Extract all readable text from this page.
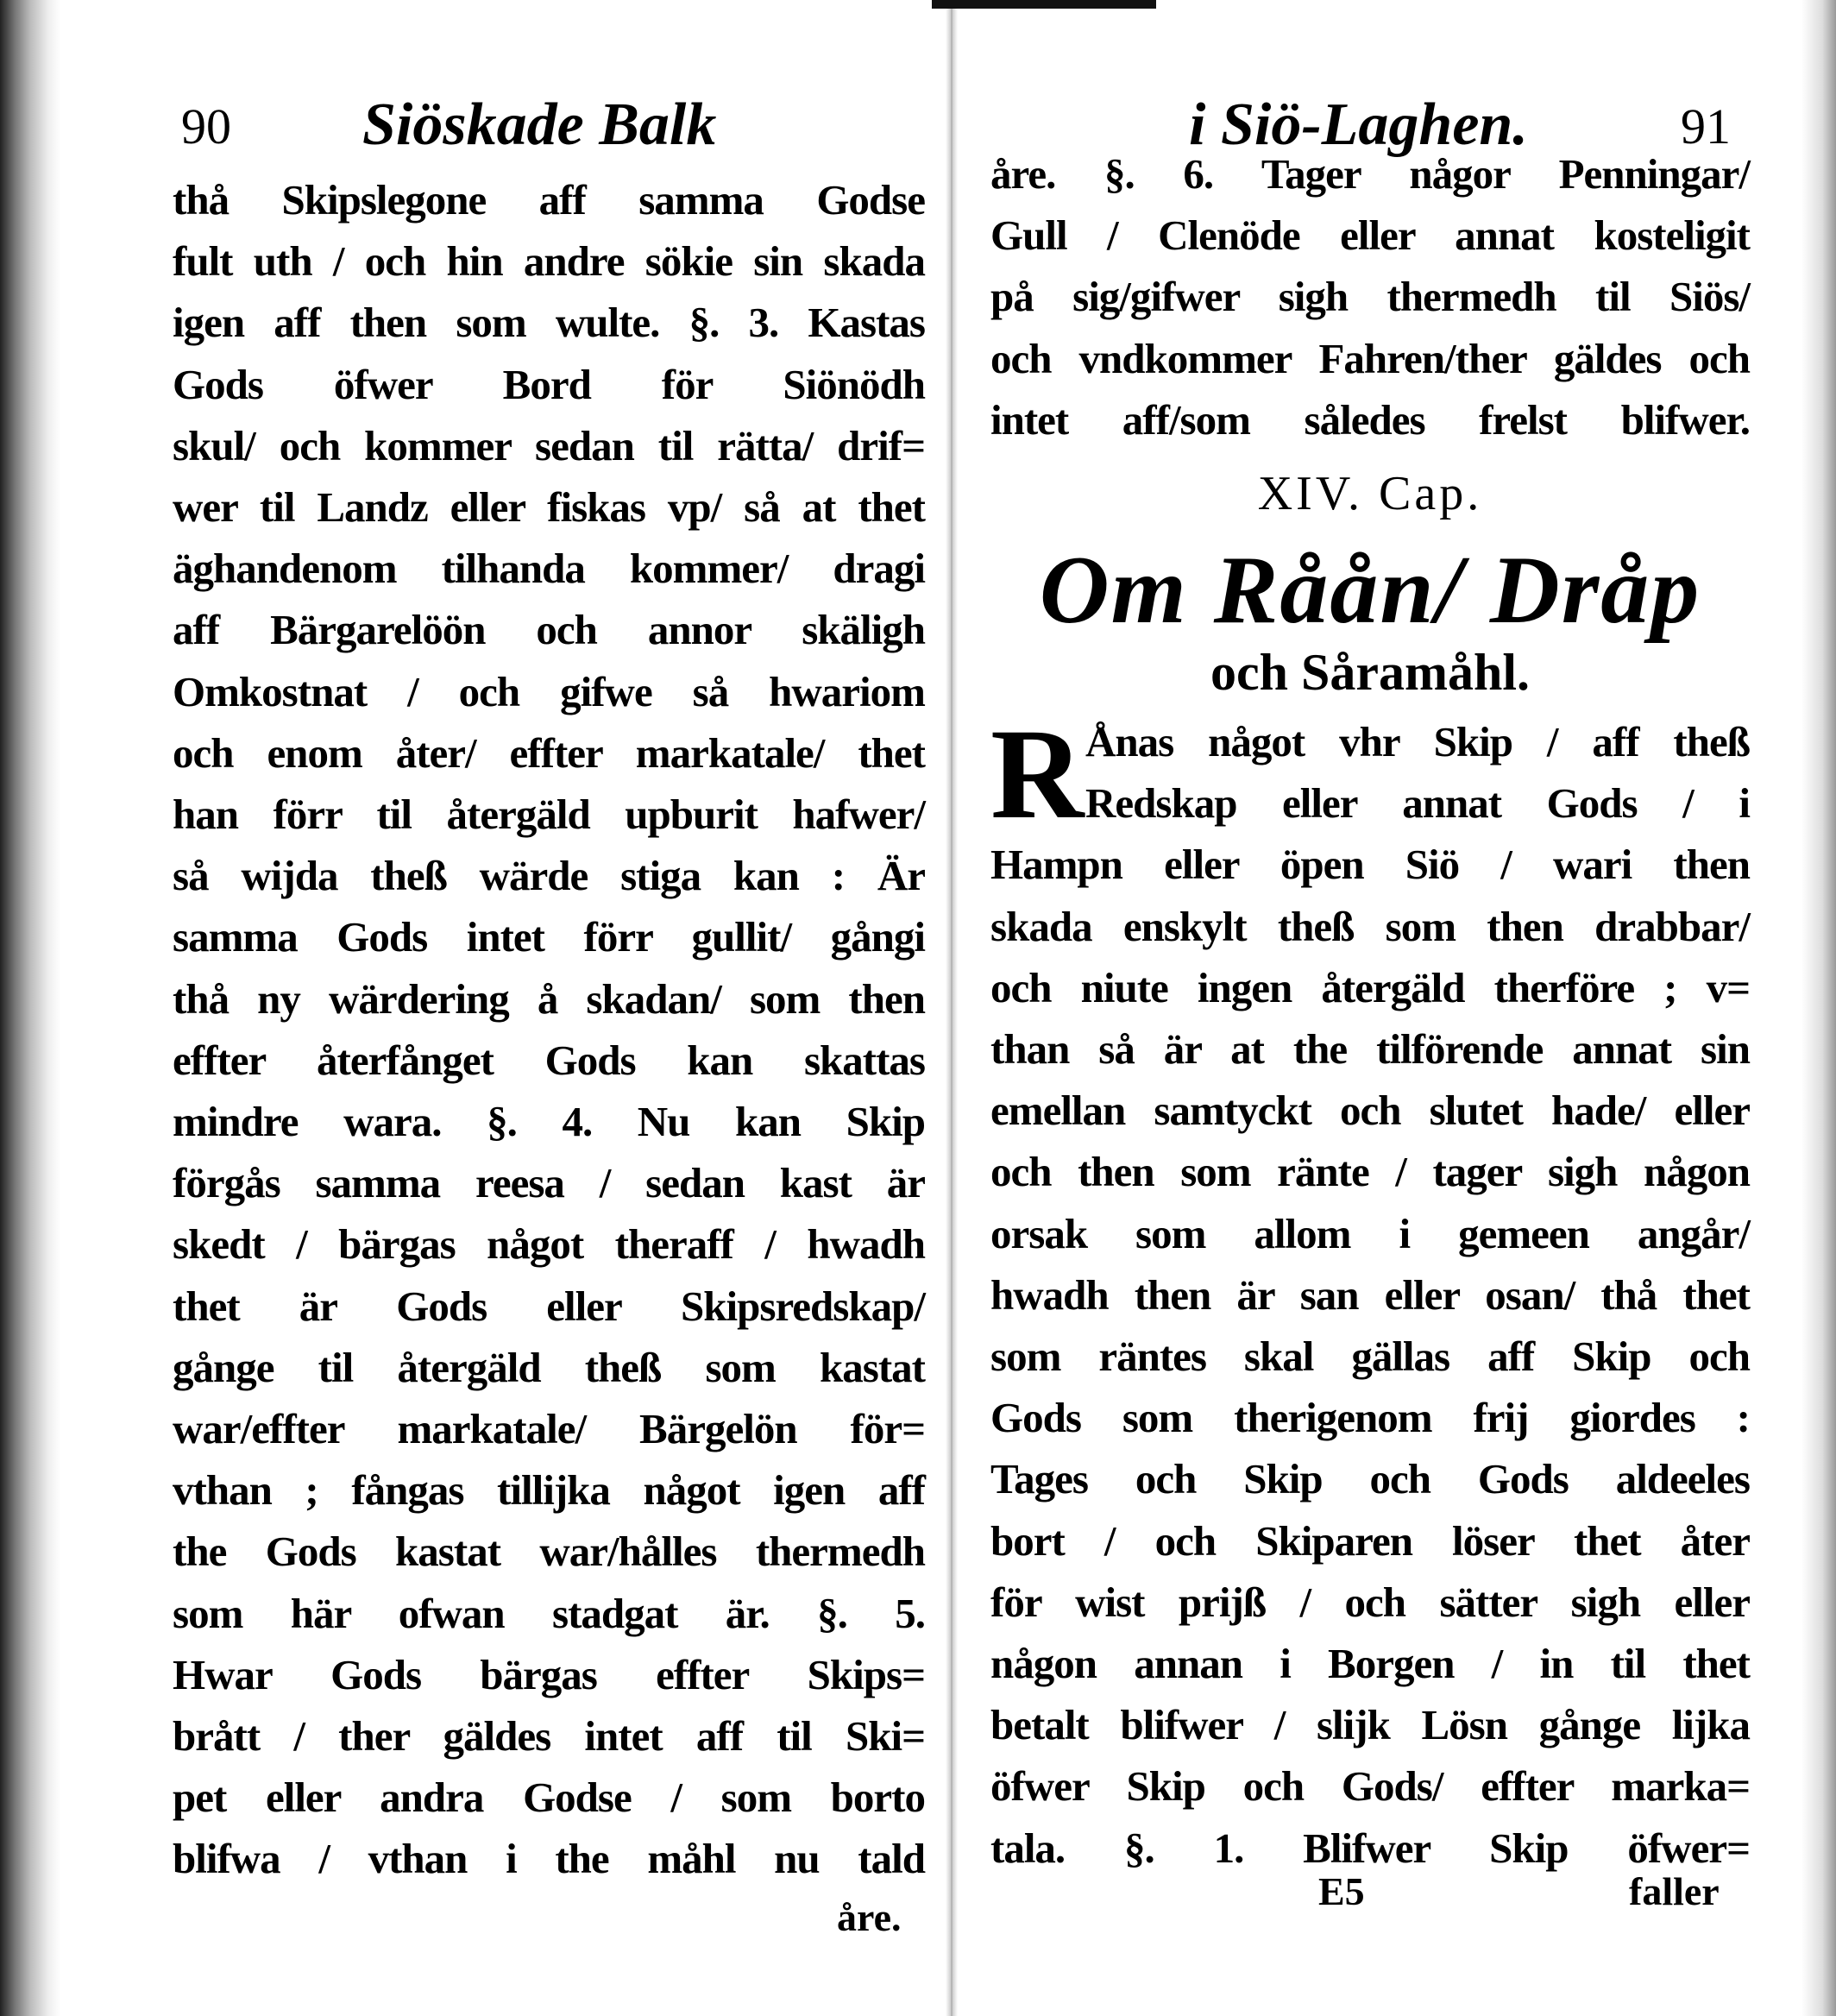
90 Siöskade Balk
thå Skipslegone aff samma Godse
fult uth / och hin andre sökie sin skada
igen aff then som wulte. §. 3. Kastas
Gods öfwer Bord för Siönödh
skul/ och kommer sedan til rätta/ drif=
wer til Landz eller fiskas vp/ så at thet
äghandenom tilhanda kommer/ dragi
aff Bärgarelöön och annor skäligh
Omkostnat / och gifwe så hwariom
och enom åter/ effter markatale/ thet
han förr til återgäld upburit hafwer/
så wijda theß wärde stiga kan : Är
samma Gods intet förr gullit/ gångi
thå ny wärdering å skadan/ som then
effter återfånget Gods kan skattas
mindre wara. §. 4. Nu kan Skip
förgås samma reesa / sedan kast är
skedt / bärgas något theraff / hwadh
thet är Gods eller Skipsredskap/
gånge til återgäld theß som kastat
war/effter markatale/ Bärgelön för=
vthan ; fångas tillijka något igen aff
the Gods kastat war/hålles thermedh
som här ofwan stadgat är. §. 5.
Hwar Gods bärgas effter Skips=
brått / ther gäldes intet aff til Ski=
pet eller andra Godse / som borto
blifwa / vthan i the måhl nu tald
åre.
i Siö-Laghen.	91
åre. §. 6. Tager någor Penningar/
Gull / Clenöde eller annat kosteligit
på sig/gifwer sigh thermedh til Siös/
och vndkommer Fahren/ther gäldes och
intet aff/som således frelst blifwer.
XIV. Cap.
Om Råån/ Dråp
och Såramåhl.
R Ånas något vhr Skip / aff theß
Redskap eller annat Gods / i
Hampn eller öpen Siö / wari then
skada enskylt theß som then drabbar/
och niute ingen återgäld therföre ; v=
than så är at the tilförende annat sin
emellan samtyckt och slutet hade/ eller
och then som ränte / tager sigh någon
orsak som allom i gemeen angår/
hwadh then är san eller osan/ thå thet
som räntes skal gällas aff Skip och
Gods som therigenom frij giordes :
Tages och Skip och Gods aldeeles
bort / och Skiparen löser thet åter
för wist prijß / och sätter sigh eller
någon annan i Borgen / in til thet
betalt blifwer / slijk Lösn gånge lijka
öfwer Skip och Gods/ effter marka=
tala. §. 1. Blifwer Skip öfwer=
E5	faller
